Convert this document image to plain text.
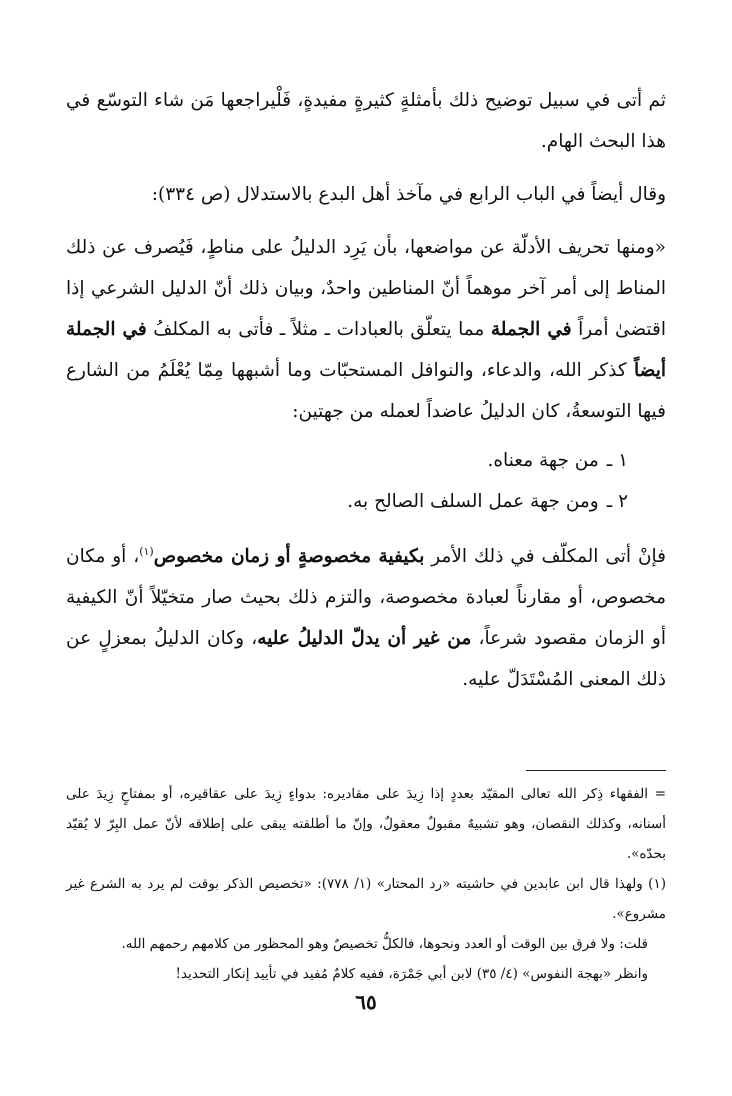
ثم أتى في سبيل توضيح ذلك بأمثلةٍ كثيرةٍ مفيدةٍ، فَلْيراجعها مَن شاء التوسّع في هذا البحث الهام.

وقال أيضاً في الباب الرابع في مآخذ أهل البدع بالاستدلال (ص ٣٣٤):

«ومنها تحريف الأدلّة عن مواضعها، بأن يَرِد الدليلُ على مناطٍ، فَيُصرف عن ذلك المناط إلى أمر آخر موهماً أنّ المناطين واحدٌ، وبيان ذلك أنّ الدليل الشرعي إذا اقتضىٰ أمراً في الجملة مما يتعلّق بالعبادات ـ مثلاً ـ فأتى به المكلفُ في الجملة أيضاً كذكر الله، والدعاء، والنوافل المستحبّات وما أشبهها مِمّا يُعْلَمُ من الشارع فيها التوسعةُ، كان الدليلُ عاضداً لعمله من جهتين:

١ ـمن جهة معناه.
٢ ـومن جهة عمل السلف الصالح به.

فإنْ أتى المكلّف في ذلك الأمر بكيفية مخصوصةٍ أو زمان مخصوص$^{(١)}$، أو مكان مخصوص، أو مقارناً لعبادة مخصوصة، والتزم ذلك بحيث صار متخيّلاً أنّ الكيفية أو الزمان مقصود شرعاً، من غير أن يدلّ الدليلُ عليه، وكان الدليلُ بمعزلٍ عن ذلك المعنى المُسْتَدَلّ عليه.

=الفقهاء ذِكر الله تعالى المقيّد بعددٍ إذا زِيدَ على مقاديره: بدواءٍ زِيدَ على عقاقيره، أو بمفتاحٍ زِيدَ على أسنانه، وكذلك النقصان، وهو تشبيهٌ مقبولٌ معقولٌ، وإنّ ما أطلقته يبقى على إطلاقه لأنّ عمل البِرّ لا يُقيّد بحدّه».

(١) ولهذا قال ابن عابدين في حاشيته «رد المحتار» (١/ ٧٧٨): «تخصيص الذكر بوقت لم يرد به الشرع غير مشروع».

قلت: ولا فرق بين الوقت أو العدد ونحوها، فالكلُّ تخصيصٌ وهو المحظور من كلامهم رحمهم الله.

وانظر «بهجة النفوس» (٤/ ٣٥) لابن أبي جَمْرَة، ففيه كلامٌ مُفيد في تأييد إنكار التحديد!

٦٥
